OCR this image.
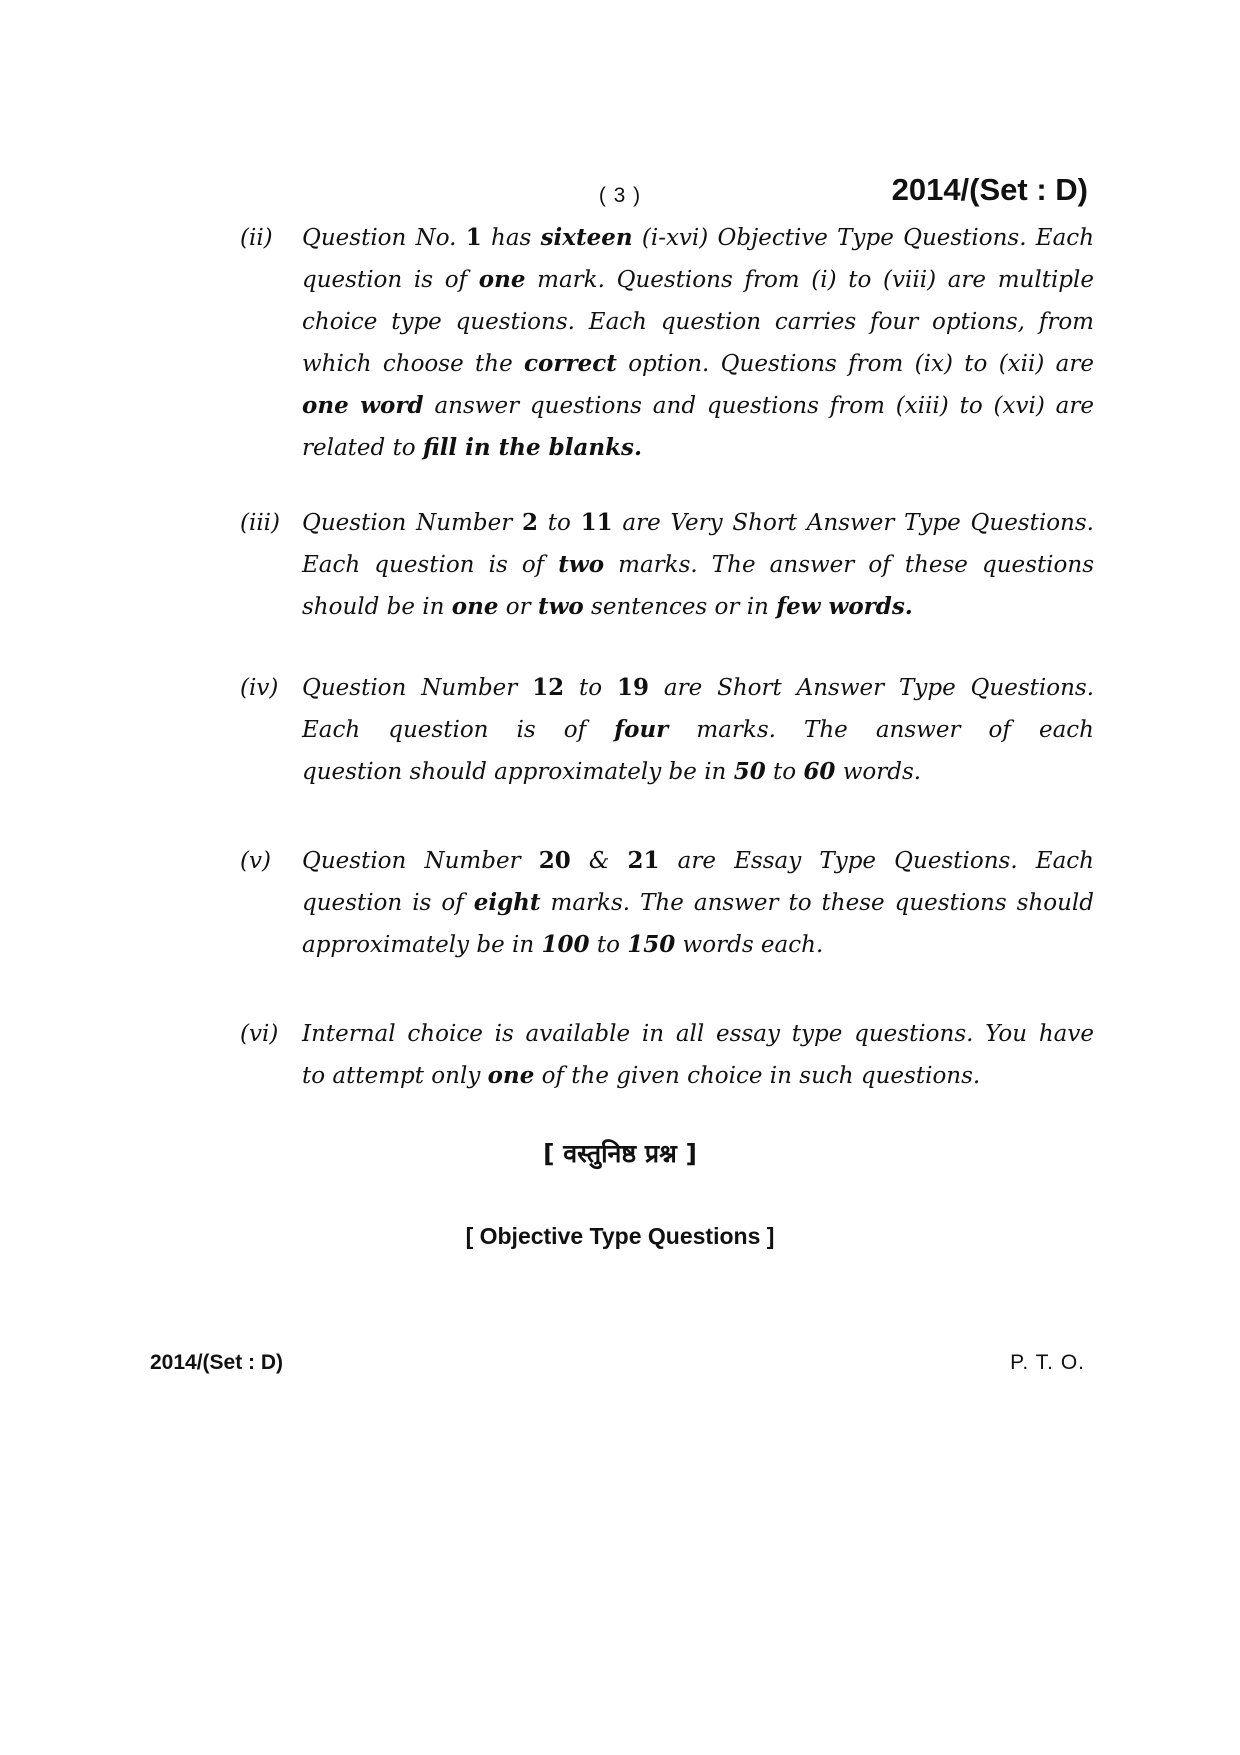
( 3 )	2014/(Set : D)
(ii) Question No. 1 has sixteen (i-xvi) Objective Type Questions. Each
question is of one mark. Questions from (i) to (viii) are multiple
choice type questions. Each question carries four options, from
which choose the correct option. Questions from (ix) to (xii) are
one word answer questions and questions from (xiii) to (xvi) are
related to fill in the blanks.
(iii) Question Number 2 to 11 are Very Short Answer Type Questions.
Each question is of two marks. The answer of these questions
should be in one or two sentences or in few words.
(iv) Question Number 12 to 19 are Short Answer Type Questions.
Each question is of four marks. The answer of each
question should approximately be in 50 to 60 words.
(v) Question Number 20 & 21 are Essay Type Questions. Each
question is of eight marks. The answer to these questions should
approximately be in 100 to 150 words each.
(vi) Internal choice is available in all essay type questions. You have
to attempt only one of the given choice in such questions.
[ वस्तुनिष्ठ प्रश्न ]
[ Objective Type Questions ]
2014/(Set : D)	P. T. O.
